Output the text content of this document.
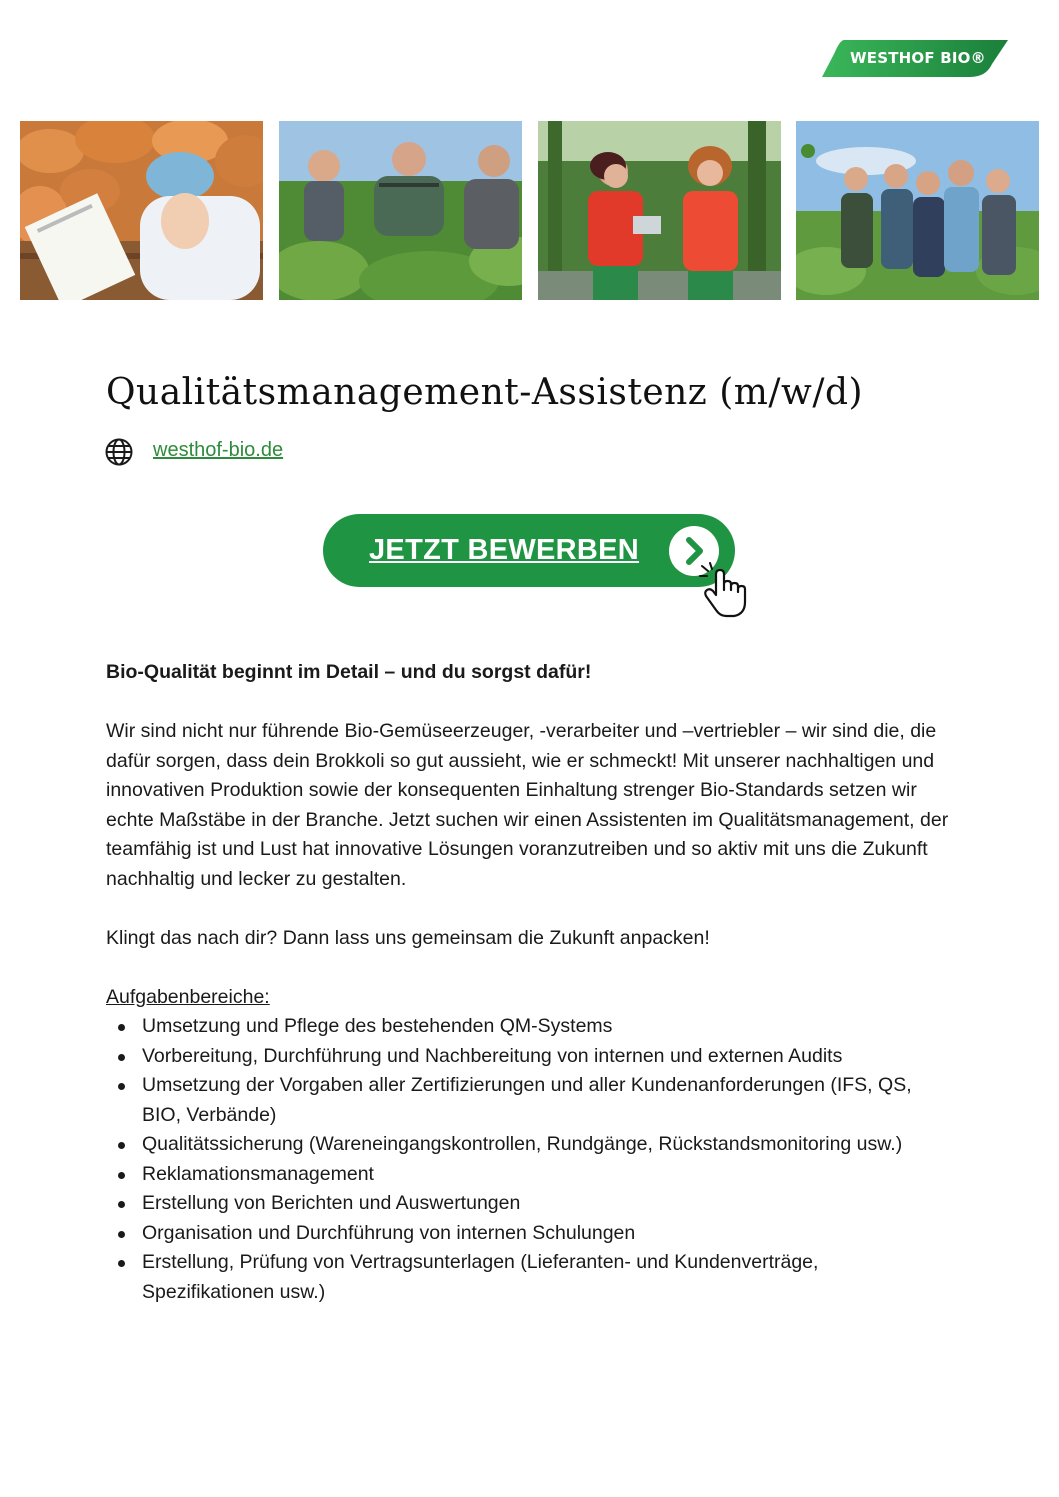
WESTHOF BIO®
Qualitätsmanagement-Assistenz (m/w/d)
westhof-bio.de
JETZT BEWERBEN

Bio-Qualität beginnt im Detail – und du sorgst dafür!

Wir sind nicht nur führende Bio-Gemüseerzeuger, -verarbeiter und –vertriebler – wir sind die, die dafür sorgen, dass dein Brokkoli so gut aussieht, wie er schmeckt! Mit unserer nachhaltigen und innovativen Produktion sowie der konsequenten Einhaltung strenger Bio-Standards setzen wir echte Maßstäbe in der Branche. Jetzt suchen wir einen Assistenten im Qualitätsmanagement, der teamfähig ist und Lust hat innovative Lösungen voranzutreiben und so aktiv mit uns die Zukunft nachhaltig und lecker zu gestalten.

Klingt das nach dir? Dann lass uns gemeinsam die Zukunft anpacken!

Aufgabenbereiche:

Umsetzung und Pflege des bestehenden QM-Systems
Vorbereitung, Durchführung und Nachbereitung von internen und externen Audits
Umsetzung der Vorgaben aller Zertifizierungen und aller Kundenanforderungen (IFS, QS, BIO, Verbände)
Qualitätssicherung (Wareneingangskontrollen, Rundgänge, Rückstandsmonitoring usw.)
Reklamationsmanagement
Erstellung von Berichten und Auswertungen
Organisation und Durchführung von internen Schulungen
Erstellung, Prüfung von Vertragsunterlagen (Lieferanten- und Kundenverträge, Spezifikationen usw.)
